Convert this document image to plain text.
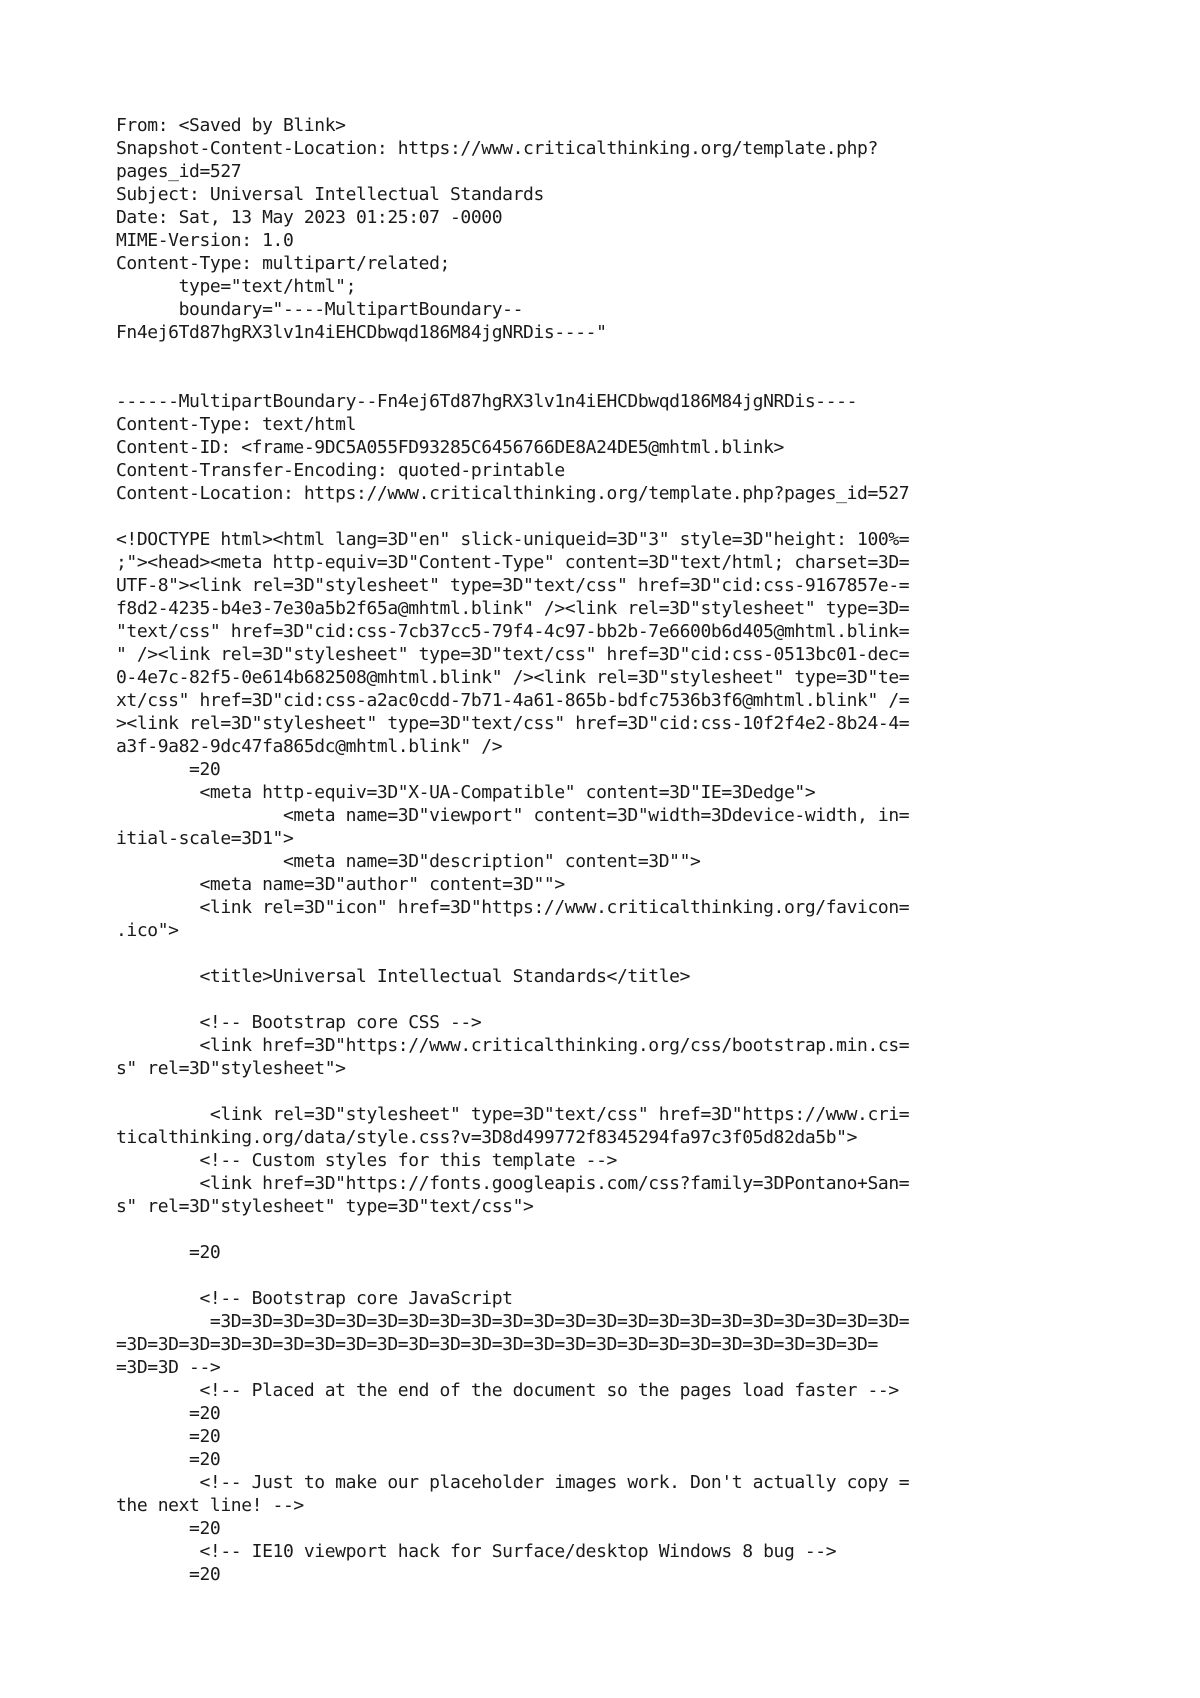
From: <Saved by Blink>
Snapshot-Content-Location: https://www.criticalthinking.org/template.php?
pages_id=527
Subject: Universal Intellectual Standards
Date: Sat, 13 May 2023 01:25:07 -0000
MIME-Version: 1.0
Content-Type: multipart/related;
type="text/html";
boundary="----MultipartBoundary--
Fn4ej6Td87hgRX3lv1n4iEHCDbwqd186M84jgNRDis----"
------MultipartBoundary--Fn4ej6Td87hgRX3lv1n4iEHCDbwqd186M84jgNRDis----
Content-Type: text/html
Content-ID: <frame-9DC5A055FD93285C6456766DE8A24DE5@mhtml.blink>
Content-Transfer-Encoding: quoted-printable
Content-Location: https://www.criticalthinking.org/template.php?pages_id=527
<!DOCTYPE html><html lang=3D"en" slick-uniqueid=3D"3" style=3D"height: 100%=
;"><head><meta http-equiv=3D"Content-Type" content=3D"text/html; charset=3D=
UTF-8"><link rel=3D"stylesheet" type=3D"text/css" href=3D"cid:css-9167857e-=
f8d2-4235-b4e3-7e30a5b2f65a@mhtml.blink" /><link rel=3D"stylesheet" type=3D=
"text/css" href=3D"cid:css-7cb37cc5-79f4-4c97-bb2b-7e6600b6d405@mhtml.blink=
" /><link rel=3D"stylesheet" type=3D"text/css" href=3D"cid:css-0513bc01-dec=
0-4e7c-82f5-0e614b682508@mhtml.blink" /><link rel=3D"stylesheet" type=3D"te=
xt/css" href=3D"cid:css-a2ac0cdd-7b71-4a61-865b-bdfc7536b3f6@mhtml.blink" /=
><link rel=3D"stylesheet" type=3D"text/css" href=3D"cid:css-10f2f4e2-8b24-4=
a3f-9a82-9dc47fa865dc@mhtml.blink" />
=20
<meta http-equiv=3D"X-UA-Compatible" content=3D"IE=3Dedge">
<meta name=3D"viewport" content=3D"width=3Ddevice-width, in=
itial-scale=3D1">
<meta name=3D"description" content=3D"">
<meta name=3D"author" content=3D"">
<link rel=3D"icon" href=3D"https://www.criticalthinking.org/favicon=
.ico">
<title>Universal Intellectual Standards</title>
<!-- Bootstrap core CSS -->
<link href=3D"https://www.criticalthinking.org/css/bootstrap.min.cs=
s" rel=3D"stylesheet">
<link rel=3D"stylesheet" type=3D"text/css" href=3D"https://www.cri=
ticalthinking.org/data/style.css?v=3D8d499772f8345294fa97c3f05d82da5b">
<!-- Custom styles for this template -->
<link href=3D"https://fonts.googleapis.com/css?family=3DPontano+San=
s" rel=3D"stylesheet" type=3D"text/css">
=20
<!-- Bootstrap core JavaScript
=3D=3D=3D=3D=3D=3D=3D=3D=3D=3D=3D=3D=3D=3D=3D=3D=3D=3D=3D=3D=3D=3D=
=3D=3D=3D=3D=3D=3D=3D=3D=3D=3D=3D=3D=3D=3D=3D=3D=3D=3D=3D=3D=3D=3D=3D=3D=
=3D=3D -->
<!-- Placed at the end of the document so the pages load faster -->
=20
=20
=20
<!-- Just to make our placeholder images work. Don't actually copy =
the next line! -->
=20
<!-- IE10 viewport hack for Surface/desktop Windows 8 bug -->
=20
